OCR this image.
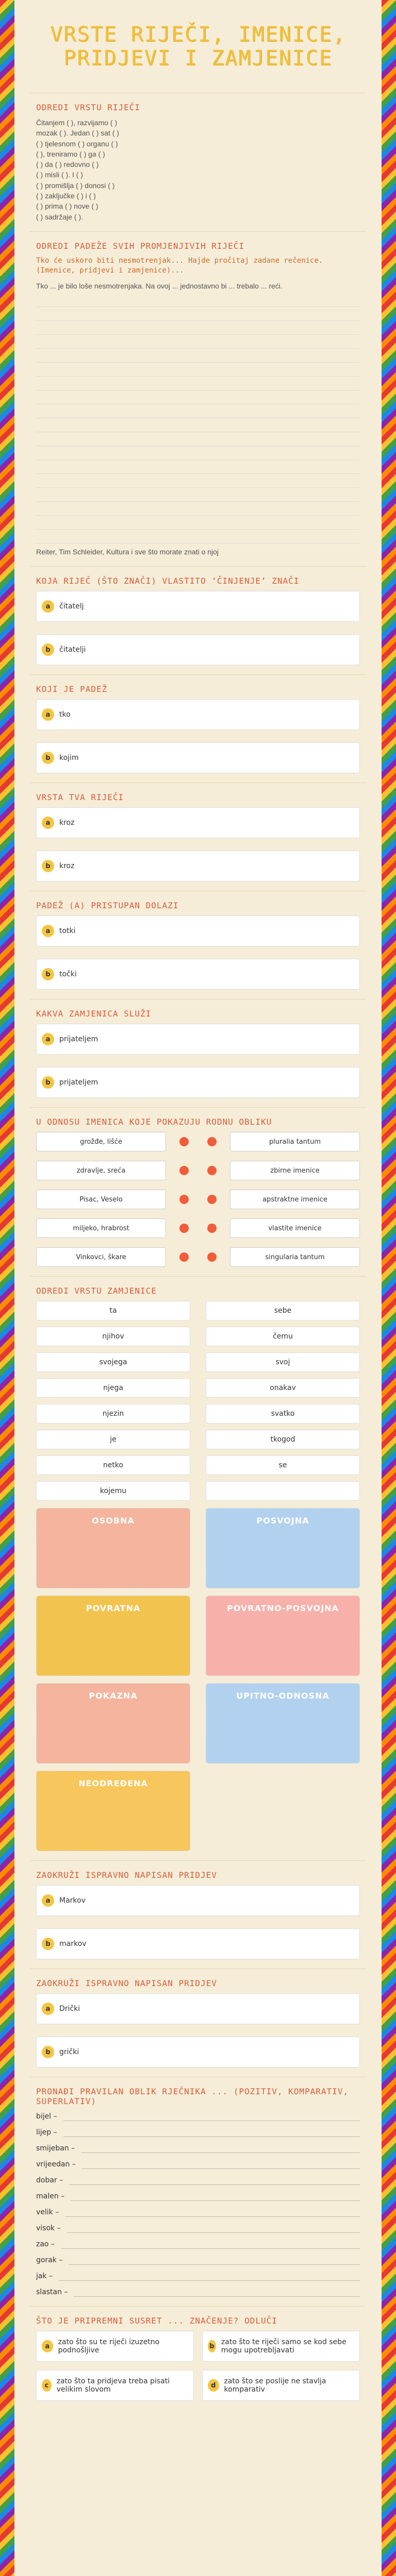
VRSTE RIJEČI, IMENICE, PRIDJEVI I ZAMJENICE
ODREDI VRSTU RIJEČI
Čitanjem ( ), razvijamo ( )
mozak ( ). Jedan ( ) sat ( )
( ) tjelesnom ( ) organu ( )
( ), treniramo ( ) ga ( )
( ) da ( ) redovno ( )
( ) misli ( ). I ( )
( ) promišlja ( ) donosi ( )
( ) zaključke ( ) i ( )
( ) prima ( ) nove ( )
( ) sadržaje ( ).
ODREDI PADEŽE SVIH PROMJENJIVIH RIJEČI
Tko će uskoro biti nesmotrenjak... Hajde pročitaj zadane rečenice. (Imenice, pridjevi i zamjenice)...
Tko ... je bilo loše nesmotrenjaka. Na ovoj ... jednostavno bi ... trebalo ... reći.
Reiter, Tim Schleider, Kultura i sve što morate znati o njoj
KOJA RIJEČ (ŠTO ZNAČI) VLASTITO ‘ČINJENJE’ ZNAČI
a	čitatelj
b	čitatelji
KOJI JE PADEŽ
a	tko
b	kojim
VRSTA TVA RIJEČI
a	kroz
b	kroz
PADEŽ (A) PRISTUPAN DOLAZI
a	totki
b	točki
KAKVA ZAMJENICA SLUŽI
a	prijateljem
b	prijateljem
U ODNOSU IMENICA KOJE POKAZUJU RODNU OBLIKU
grožđe, lišće	pluralia tantum
zdravlje, sreća	zbirne imenice
Pisac, Veselo	apstraktne imenice
miljeko, hrabrost	vlastite imenice
Vinkovci, škare	singularia tantum
ODREDI VRSTU ZAMJENICE
ta	sebe
njihov	čemu
svojega	svoj
njega	onakav
njezin	svatko
je	tkogod
netko	se
kojemu
OSOBNA	POSVOJNA
POVRATNA	POVRATNO-POSVOJNA
POKAZNA	UPITNO-ODNOSNA
NEODREĐENA
ZAOKRUŽI ISPRAVNO NAPISAN PRIDJEV
a	Markov
b	markov
ZAOKRUŽI ISPRAVNO NAPISAN PRIDJEV
a	Drički
b	grički
PRONAĐI PRAVILAN OBLIK RJEČNIKA ... (POZITIV, KOMPARATIV, SUPERLATIV)
bijel –
lijep –
smijeban –
vrijeedan –
dobar –
malen –
velik –
visok –
zao –
gorak –
jak –
slastan –
ŠTO JE PRIPREMNI SUSRET ... ZNAČENJE? ODLUČI
a	zato što su te riječi izuzetno podnošljive	b zato što te riječi samo se kod sebe mogu upotrebljavati
c	zato što ta pridjeva treba pisati velikim slovom	d	zato što se poslije ne stavlja komparativ
